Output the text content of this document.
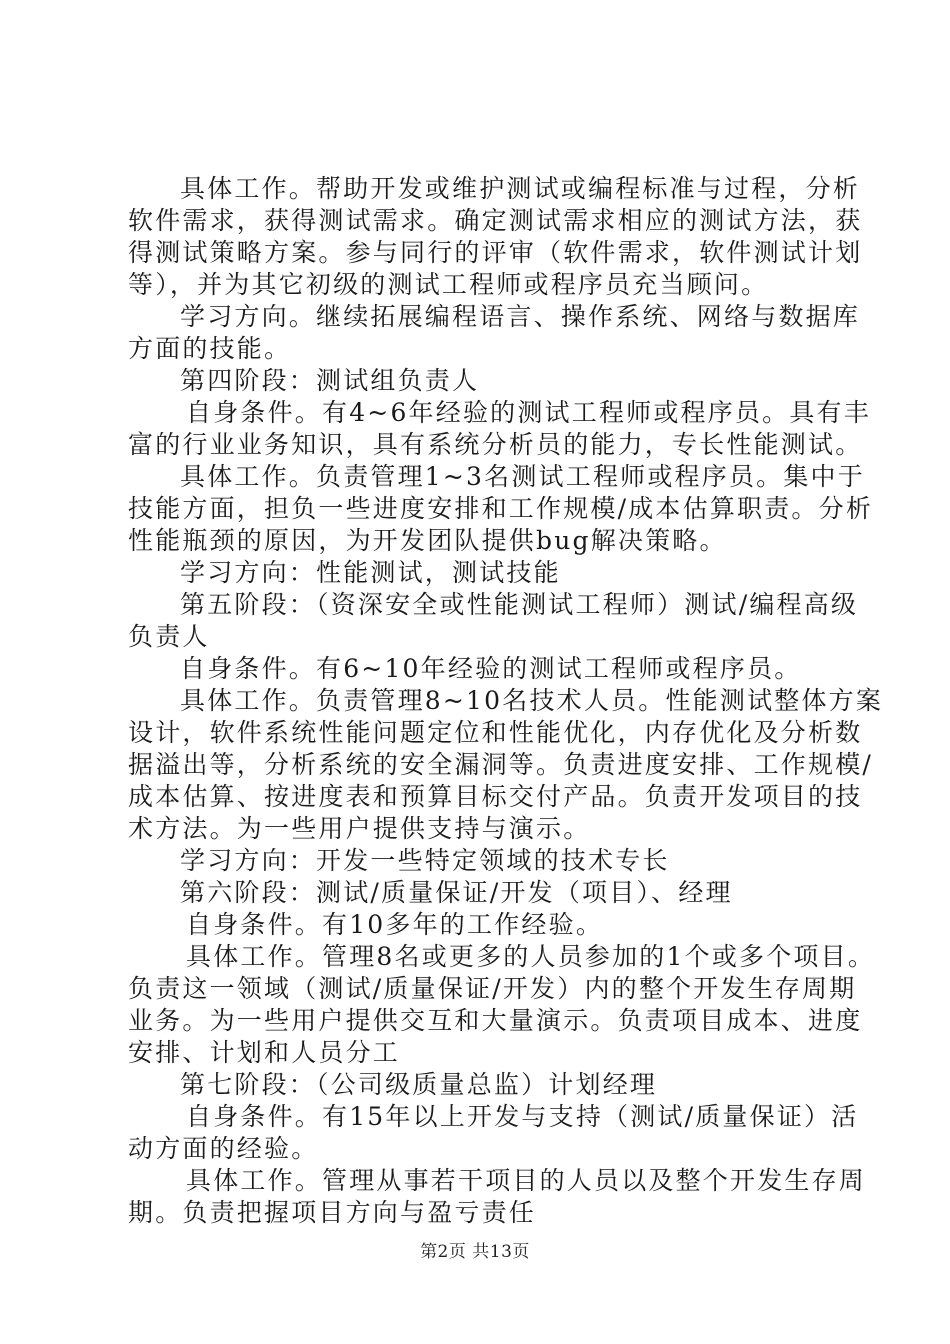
具体工作。帮助开发或维护测试或编程标准与过程，分析
软件需求，获得测试需求。确定测试需求相应的测试方法，获
得测试策略方案。参与同行的评审（软件需求，软件测试计划
等），并为其它初级的测试工程师或程序员充当顾问。
学习方向。继续拓展编程语言、操作系统、网络与数据库
方面的技能。
第四阶段：测试组负责人
自身条件。有4~6年经验的测试工程师或程序员。具有丰
富的行业业务知识，具有系统分析员的能力，专长性能测试。
具体工作。负责管理1~3名测试工程师或程序员。集中于
技能方面，担负一些进度安排和工作规模/成本估算职责。分析
性能瓶颈的原因，为开发团队提供bug解决策略。
学习方向：性能测试，测试技能
第五阶段：（资深安全或性能测试工程师）测试/编程高级
负责人
自身条件。有6~10年经验的测试工程师或程序员。
具体工作。负责管理8~10名技术人员。性能测试整体方案
设计，软件系统性能问题定位和性能优化，内存优化及分析数
据溢出等，分析系统的安全漏洞等。负责进度安排、工作规模/
成本估算、按进度表和预算目标交付产品。负责开发项目的技
术方法。为一些用户提供支持与演示。
学习方向：开发一些特定领域的技术专长
第六阶段：测试/质量保证/开发（项目）、经理
自身条件。有10多年的工作经验。
具体工作。管理8名或更多的人员参加的1个或多个项目。
负责这一领域（测试/质量保证/开发）内的整个开发生存周期
业务。为一些用户提供交互和大量演示。负责项目成本、进度
安排、计划和人员分工
第七阶段：（公司级质量总监）计划经理
自身条件。有15年以上开发与支持（测试/质量保证）活
动方面的经验。
具体工作。管理从事若干项目的人员以及整个开发生存周
期。负责把握项目方向与盈亏责任
第2页 共13页
